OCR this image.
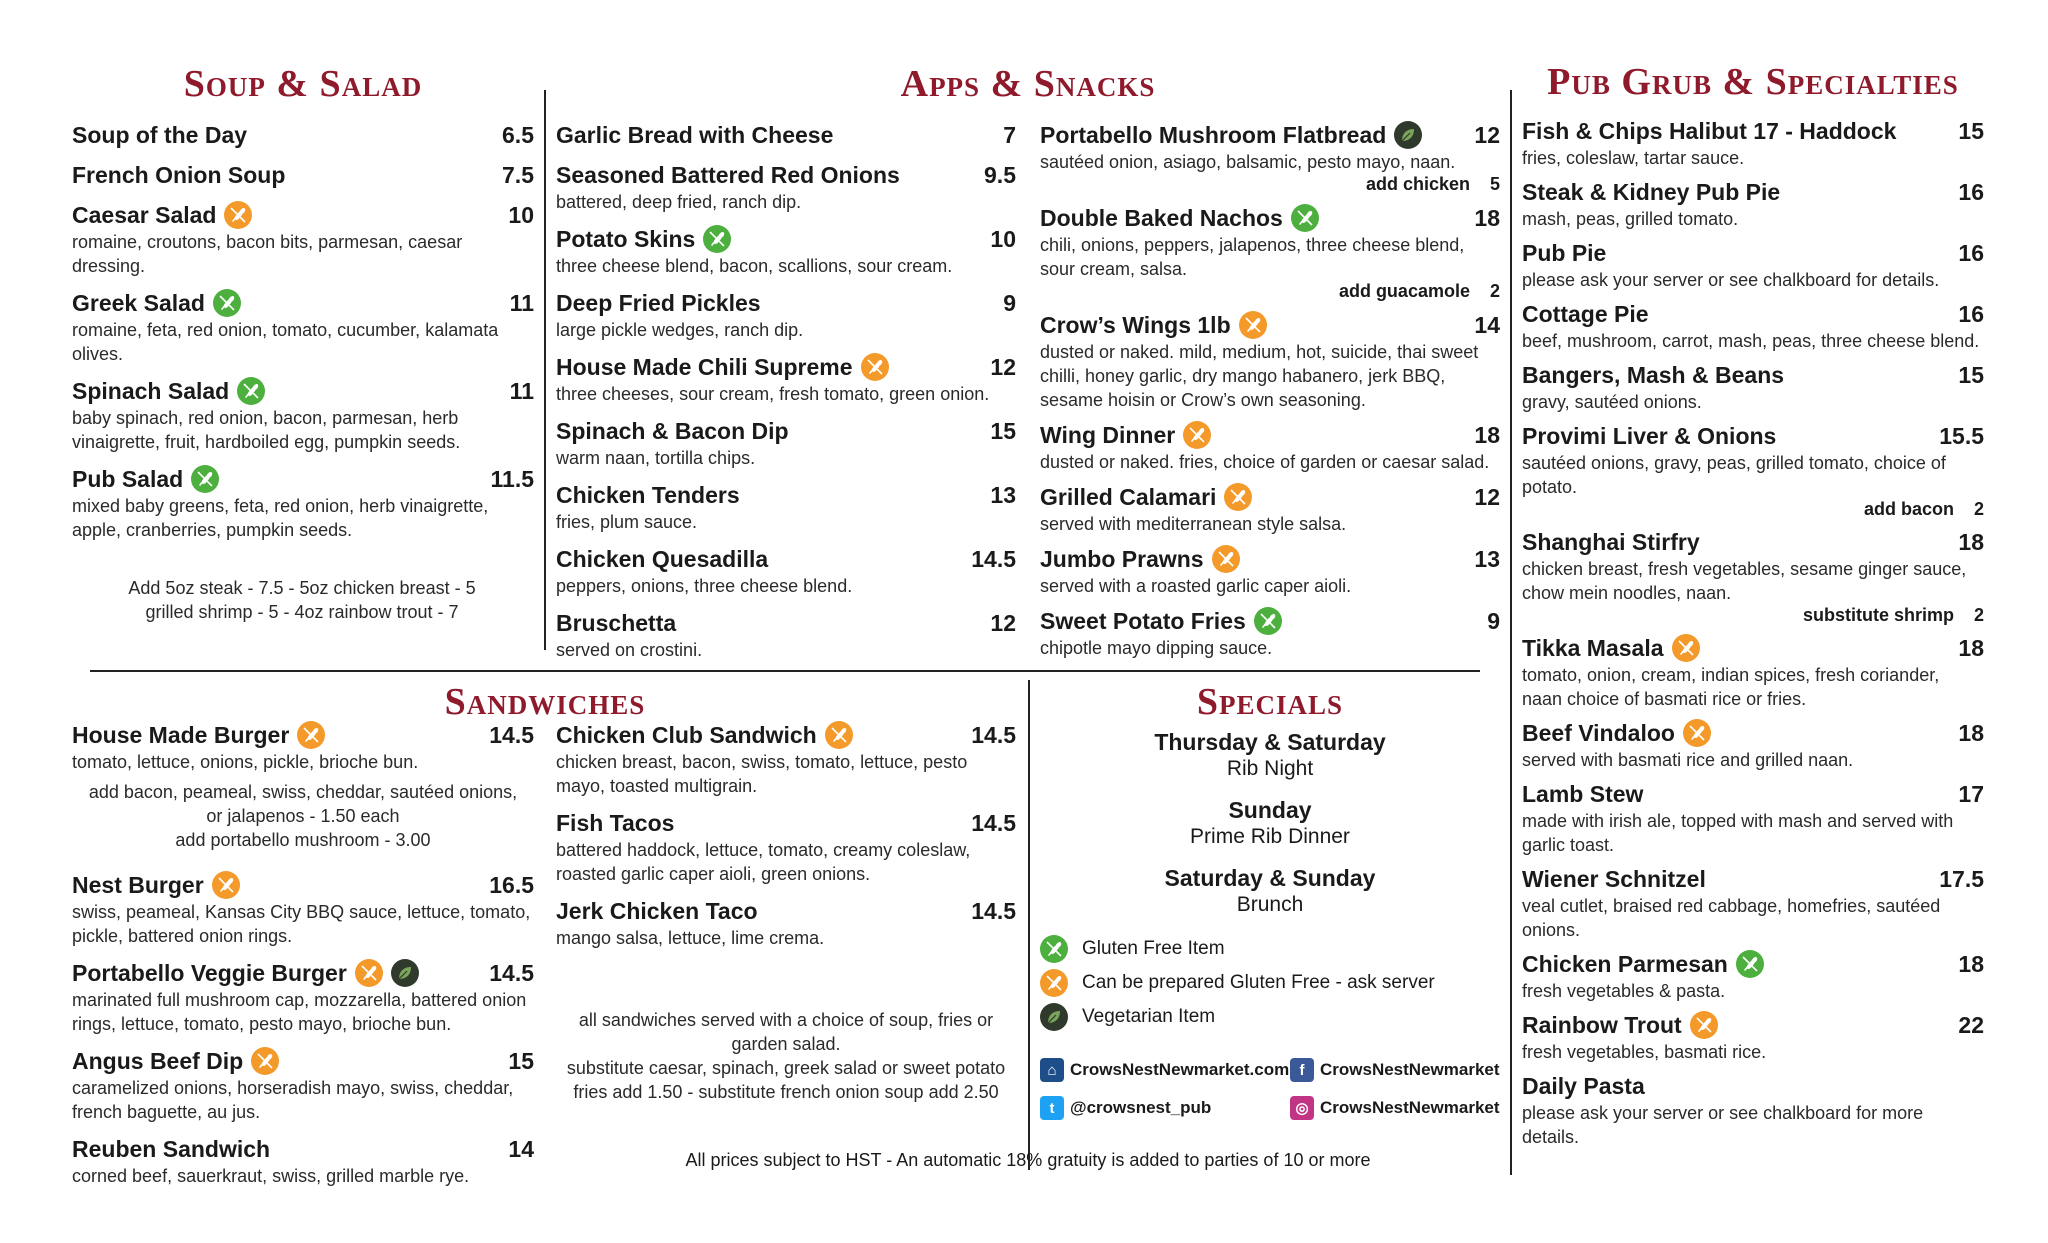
Soup & Salad
Soup of the Day	6.5
French Onion Soup	7.5
Caesar Salad	10
romaine, croutons, bacon bits, parmesan, caesar dressing.
Greek Salad	11
romaine, feta, red onion, tomato, cucumber, kalamata olives.
Spinach Salad	11
baby spinach, red onion, bacon, parmesan, herb vinaigrette, fruit, hardboiled egg, pumpkin seeds.
Pub Salad	11.5
mixed baby greens, feta, red onion, herb vinaigrette, apple, cranberries, pumpkin seeds.
Add 5oz steak - 7.5 - 5oz chicken breast - 5
grilled shrimp - 5 - 4oz rainbow trout - 7
Apps & Snacks
Garlic Bread with Cheese	7
Seasoned Battered Red Onions	9.5
battered, deep fried, ranch dip.
Potato Skins	10
three cheese blend, bacon, scallions, sour cream.
Deep Fried Pickles	9
large pickle wedges, ranch dip.
House Made Chili Supreme	12
three cheeses, sour cream, fresh tomato, green onion.
Spinach & Bacon Dip	15
warm naan, tortilla chips.
Chicken Tenders	13
fries, plum sauce.
Chicken Quesadilla	14.5
peppers, onions, three cheese blend.
Bruschetta	12
served on crostini.
Portabello Mushroom Flatbread	12
sautéed onion, asiago, balsamic, pesto mayo, naan.
add chicken 5
Double Baked Nachos	18
chili, onions, peppers, jalapenos, three cheese blend, sour cream, salsa.
add guacamole 2
Crow’s Wings 1lb	14
dusted or naked. mild, medium, hot, suicide, thai sweet chilli, honey garlic, dry mango habanero, jerk BBQ, sesame hoisin or Crow’s own seasoning.
Wing Dinner	18
dusted or naked. fries, choice of garden or caesar salad.
Grilled Calamari	12
served with mediterranean style salsa.
Jumbo Prawns	13
served with a roasted garlic caper aioli.
Sweet Potato Fries	9
chipotle mayo dipping sauce.
Pub Grub & Specialties
Fish & Chips Halibut 17 - Haddock	15
fries, coleslaw, tartar sauce.
Steak & Kidney Pub Pie	16
mash, peas, grilled tomato.
Pub Pie	16
please ask your server or see chalkboard for details.
Cottage Pie	16
beef, mushroom, carrot, mash, peas, three cheese blend.
Bangers, Mash & Beans	15
gravy, sautéed onions.
Provimi Liver & Onions	15.5
sautéed onions, gravy, peas, grilled tomato, choice of potato.
add bacon 2
Shanghai Stirfry	18
chicken breast, fresh vegetables, sesame ginger sauce, chow mein noodles, naan.
substitute shrimp 2
Tikka Masala	18
tomato, onion, cream, indian spices, fresh coriander, naan choice of basmati rice or fries.
Beef Vindaloo	18
served with basmati rice and grilled naan.
Lamb Stew	17
made with irish ale, topped with mash and served with garlic toast.
Wiener Schnitzel	17.5
veal cutlet, braised red cabbage, homefries, sautéed onions.
Chicken Parmesan	18
fresh vegetables & pasta.
Rainbow Trout	22
fresh vegetables, basmati rice.
Daily Pasta
please ask your server or see chalkboard for more details.
Sandwiches
House Made Burger	14.5
tomato, lettuce, onions, pickle, brioche bun.
add bacon, peameal, swiss, cheddar, sautéed onions,
or jalapenos - 1.50 each
add portabello mushroom - 3.00
Nest Burger	16.5
swiss, peameal, Kansas City BBQ sauce, lettuce, tomato, pickle, battered onion rings.
Portabello Veggie Burger	14.5
marinated full mushroom cap, mozzarella, battered onion rings, lettuce, tomato, pesto mayo, brioche bun.
Angus Beef Dip	15
caramelized onions, horseradish mayo, swiss, cheddar, french baguette, au jus.
Reuben Sandwich	14
corned beef, sauerkraut, swiss, grilled marble rye.
Chicken Club Sandwich	14.5
chicken breast, bacon, swiss, tomato, lettuce, pesto mayo, toasted multigrain.
Fish Tacos	14.5
battered haddock, lettuce, tomato, creamy coleslaw, roasted garlic caper aioli, green onions.
Jerk Chicken Taco	14.5
mango salsa, lettuce, lime crema.
all sandwiches served with a choice of soup, fries or
garden salad.
substitute caesar, spinach, greek salad or sweet potato
fries add 1.50 - substitute french onion soup add 2.50
Specials
Thursday & Saturday
Rib Night
Sunday
Prime Rib Dinner
Saturday & Sunday
Brunch
Gluten Free Item
Can be prepared Gluten Free - ask server
Vegetarian Item
⌂ CrowsNestNewmarket.com f CrowsNestNewmarket
t @crowsnest_pub	◎ CrowsNestNewmarket
All prices subject to HST - An automatic 18% gratuity is added to parties of 10 or more
